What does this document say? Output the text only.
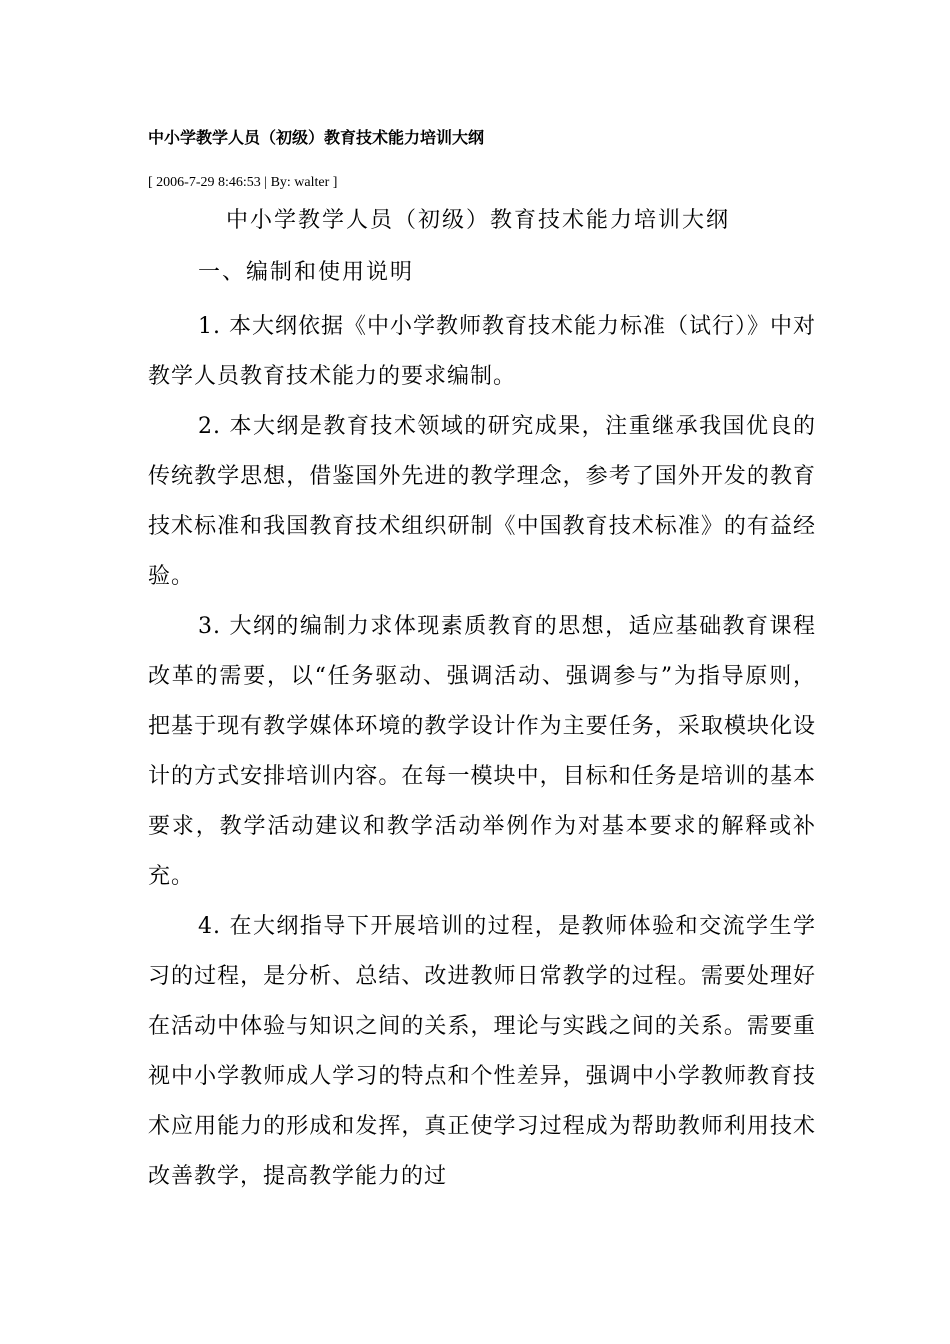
中小学教学人员（初级）教育技术能力培训大纲
[ 2006-7-29 8:46:53 | By: walter ]
中小学教学人员（初级）教育技术能力培训大纲
一、编制和使用说明

1. 本大纲依据《中小学教师教育技术能力标准（试行）》中对教学人员教育技术能力的要求编制。

2. 本大纲是教育技术领域的研究成果，注重继承我国优良的传统教学思想，借鉴国外先进的教学理念，参考了国外开发的教育技术标准和我国教育技术组织研制《中国教育技术标准》的有益经验。

3. 大纲的编制力求体现素质教育的思想，适应基础教育课程改革的需要，以“任务驱动、强调活动、强调参与”为指导原则，把基于现有教学媒体环境的教学设计作为主要任务，采取模块化设计的方式安排培训内容。在每一模块中，目标和任务是培训的基本要求，教学活动建议和教学活动举例作为对基本要求的解释或补充。

4. 在大纲指导下开展培训的过程，是教师体验和交流学生学习的过程，是分析、总结、改进教师日常教学的过程。需要处理好在活动中体验与知识之间的关系，理论与实践之间的关系。需要重视中小学教师成人学习的特点和个性差异，强调中小学教师教育技术应用能力的形成和发挥，真正使学习过程成为帮助教师利用技术改善教学，提高教学能力的过
